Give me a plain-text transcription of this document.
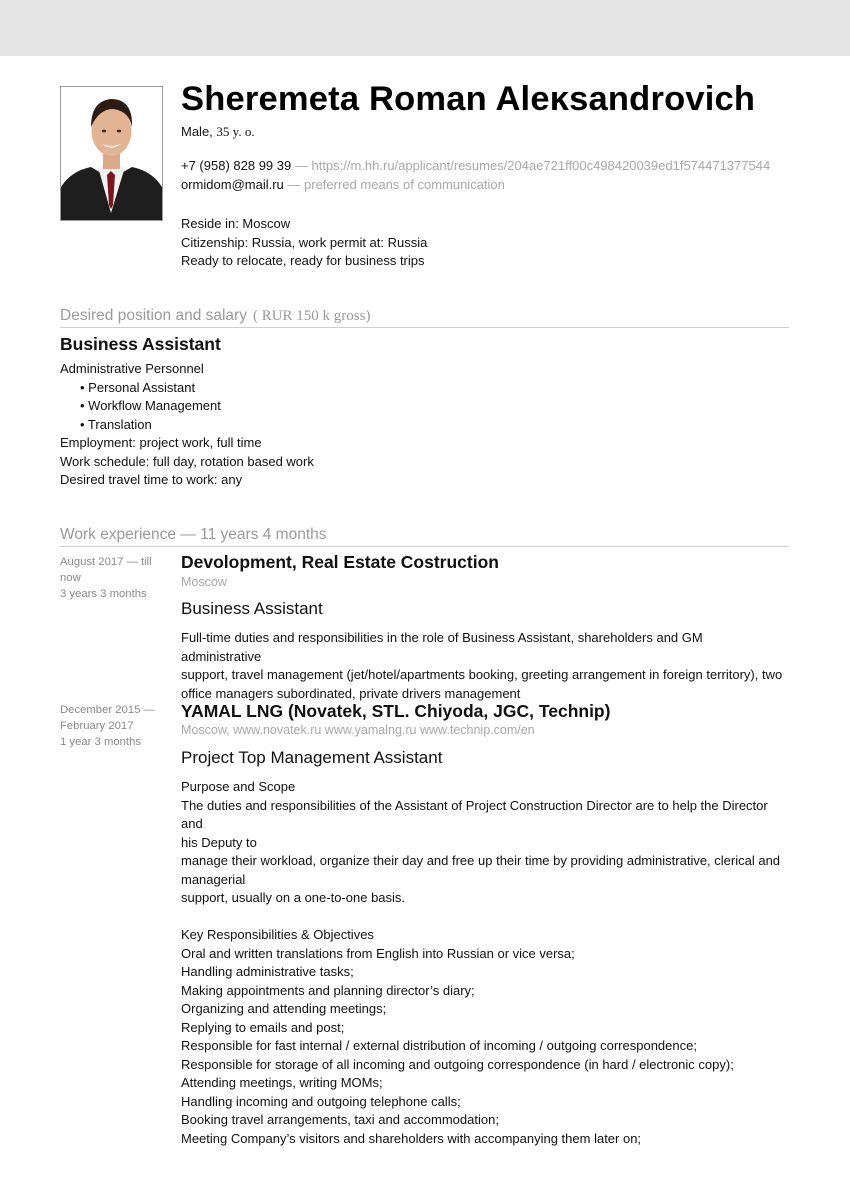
Sheremeta Roman Aleĸsandrovich
Male, 35 y. o.
+7 (958) 828 99 39 — https://m.hh.ru/applicant/resumes/204ae721ff00c498420039ed1f574471377544
ormidom@mail.ru — preferred means of communication
Reside in: Moscow
Citizenship: Russia, work permit at: Russia
Ready to relocate, ready for business trips
Desired position and salary ( RUR 150 k gross)
Business Assistant
Administrative Personnel
• Personal Assistant
• Workflow Management
• Translation
Employment: project work, full time
Work schedule: full day, rotation based work
Desired travel time to work: any
Work experience — 11 years 4 months
August 2017 — till
now
3 years 3 months
Devolopment, Real Estate Costruction
Moscow
Business Assistant

Full-time duties and responsibilities in the role of Business Assistant, shareholders and GM administrative

support, travel management (jet/hotel/apartments booking, greeting arrangement in foreign territory), two

office managers subordinated, private drivers management

December 2015 —
February 2017
1 year 3 months
YAMAL LNG (Novatek, STL. Chiyoda, JGC, Technip)
Moscow, www.novatek.ru www.yamalng.ru www.technip.com/en
Project Top Management Assistant

Purpose and Scope

The duties and responsibilities of the Assistant of Project Construction Director are to help the Director and

his Deputy to

manage their workload, organize their day and free up their time by providing administrative, clerical and

managerial

support, usually on a one-to-one basis.

Key Responsibilities & Objectives

Oral and written translations from English into Russian or vice versa;

Handling administrative tasks;

Making appointments and planning director’s diary;

Organizing and attending meetings;

Replying to emails and post;

Responsible for fast internal / external distribution of incoming / outgoing correspondence;

Responsible for storage of all incoming and outgoing correspondence (in hard / electronic copy);

Attending meetings, writing MOMs;

Handling incoming and outgoing telephone calls;

Booking travel arrangements, taxi and accommodation;

Meeting Company’s visitors and shareholders with accompanying them later on;
